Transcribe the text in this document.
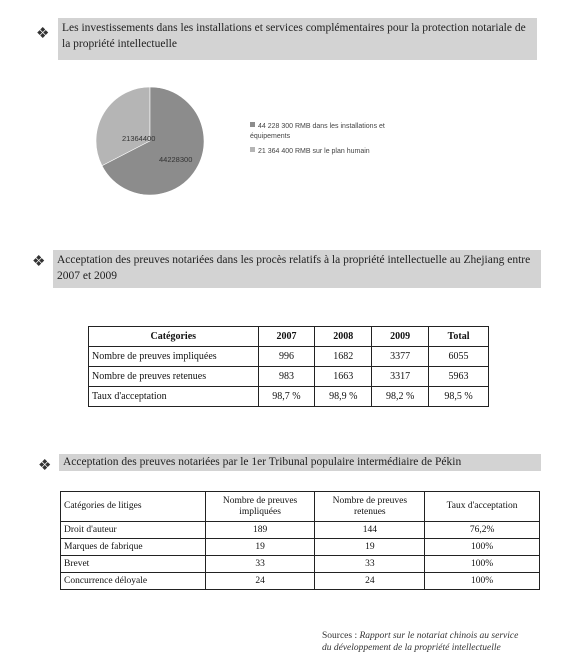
❖	Les investissements dans les installations et services complémentaires pour la protection notariale de la propriété intellectuelle
21364400
44228300
44 228 300 RMB dans les installations et équipements
21 364 400 RMB sur le plan humain
❖	Acceptation des preuves notariées dans les procès relatifs à la propriété intellectuelle au Zhejiang entre 2007 et 2009
Catégories	2007	2008	2009	Total
Nombre de preuves impliquées	996	1682	3377	6055
Nombre de preuves retenues	983	1663	3317	5963
Taux d'acceptation	98,7 %	98,9 %	98,2 %	98,5 %
❖	Acceptation des preuves notariées par le 1er Tribunal populaire intermédiaire de Pékin
Catégories de litiges	Nombre de preuves impliquées	Nombre de preuves retenues	Taux d'acceptation
Droit d'auteur	189	144	76,2%
Marques de fabrique	19	19	100%
Brevet	33	33	100%
Concurrence déloyale	24	24	100%
Sources : Rapport sur le notariat chinois au service
du développement de la propriété intellectuelle
